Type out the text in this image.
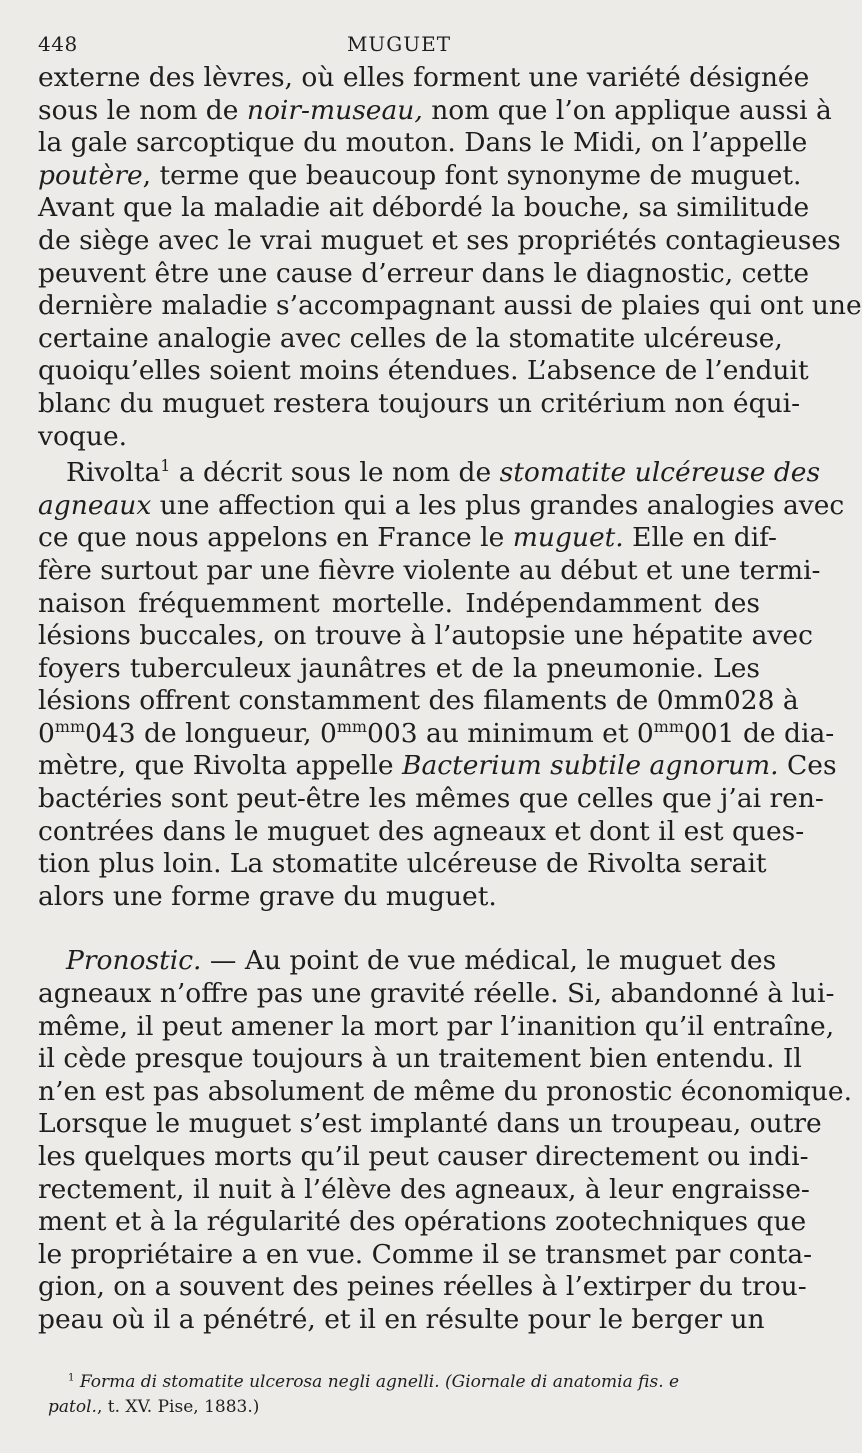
448	MUGUET
externe des lèvres, où elles forment une variété désignée
sous le nom de noir-museau, nom que l’on applique aussi à
la gale sarcoptique du mouton. Dans le Midi, on l’appelle
poutère, terme que beaucoup font synonyme de muguet.
Avant que la maladie ait débordé la bouche, sa similitude
de siège avec le vrai muguet et ses propriétés contagieuses
peuvent être une cause d’erreur dans le diagnostic, cette
dernière maladie s’accompagnant aussi de plaies qui ont une
certaine analogie avec celles de la stomatite ulcéreuse,
quoiqu’elles soient moins étendues. L’absence de l’enduit
blanc du muguet restera toujours un critérium non équi-
voque.
Rivolta$^1$ a décrit sous le nom de stomatite ulcéreuse des
agneaux une affection qui a les plus grandes analogies avec
ce que nous appelons en France le muguet. Elle en dif-
fère surtout par une fièvre violente au début et une termi-
naison fréquemment mortelle. Indépendamment des
lésions buccales, on trouve à l’autopsie une hépatite avec
foyers tuberculeux jaunâtres et de la pneumonie. Les
lésions offrent constamment des filaments de 0mm028 à
$0^{mm}043$ de longueur, $0^{mm}003$ au minimum et $0^{mm}001$ de dia-
mètre, que Rivolta appelle Bacterium subtile agnorum. Ces
bactéries sont peut-être les mêmes que celles que j’ai ren-
contrées dans le muguet des agneaux et dont il est ques-
tion plus loin. La stomatite ulcéreuse de Rivolta serait
alors une forme grave du muguet.
Pronostic. — Au point de vue médical, le muguet des
agneaux n’offre pas une gravité réelle. Si, abandonné à lui-
même, il peut amener la mort par l’inanition qu’il entraîne,
il cède presque toujours à un traitement bien entendu. Il
n’en est pas absolument de même du pronostic économique.
Lorsque le muguet s’est implanté dans un troupeau, outre
les quelques morts qu’il peut causer directement ou indi-
rectement, il nuit à l’élève des agneaux, à leur engraisse-
ment et à la régularité des opérations zootechniques que
le propriétaire a en vue. Comme il se transmet par conta-
gion, on a souvent des peines réelles à l’extirper du trou-
peau où il a pénétré, et il en résulte pour le berger un
$^1$ Forma di stomatite ulcerosa negli agnelli. (Giornale di anatomia fis. e
patol., t. XV. Pise, 1883.)
